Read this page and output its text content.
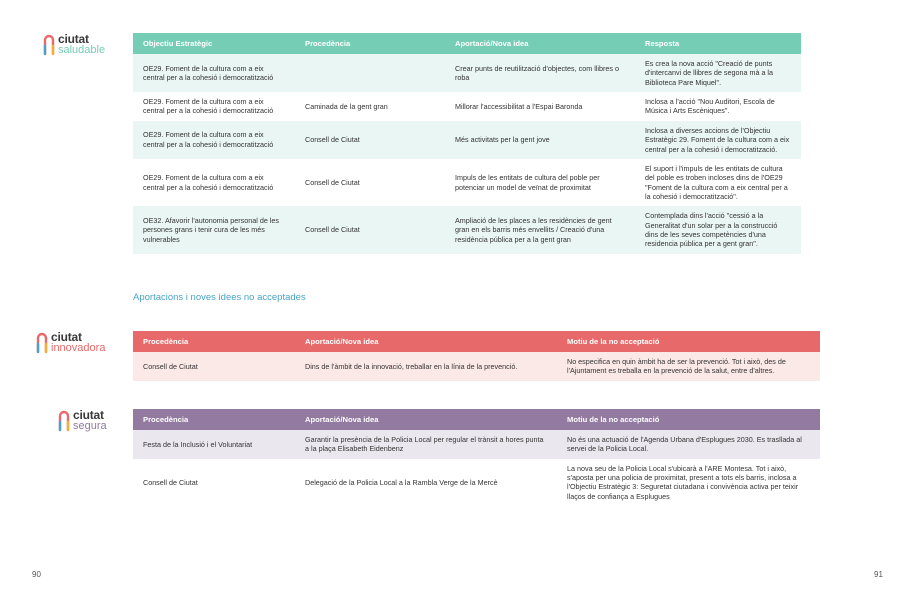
ciutat
saludable
Objectiu Estratègic	Procedència	Aportació/Nova idea	Resposta
OE29. Foment de la cultura com a eix central per a la cohesió i democratització		Crear punts de reutilització d'objectes, com llibres o roba	Es crea la nova acció "Creació de punts d'intercanvi de llibres de segona mà a la Biblioteca Pare Miquel".
OE29. Foment de la cultura com a eix central per a la cohesió i democratització	Caminada de la gent gran	Millorar l'accessibilitat a l'Espai Baronda	Inclosa a l'acció "Nou Auditori, Escola de Música i Arts Escèniques".
OE29. Foment de la cultura com a eix central per a la cohesió i democratització	Consell de Ciutat	Més activitats per la gent jove	Inclosa a diverses accions de l'Objectiu Estratègic 29. Foment de la cultura com a eix central per a la cohesió i democratització.
OE29. Foment de la cultura com a eix central per a la cohesió i democratització	Consell de Ciutat	Impuls de les entitats de cultura del poble per potenciar un model de veïnat de proximitat	El suport i l'impuls de les entitats de cultura del poble es troben incloses dins de l'OE29 "Foment de la cultura com a eix central per a la cohesió i democratització".
OE32. Afavorir l'autonomia personal de les persones grans i tenir cura de les més vulnerables	Consell de Ciutat	Ampliació de les places a les residències de gent gran en els barris més envellits / Creació d'una residència pública per a la gent gran	Contemplada dins l'acció "cessió a la Generalitat d'un solar per a la construcció dins de les seves competències d'una residencia pública per a gent gran".
Aportacions i noves idees no acceptades
ciutat
innovadora
Procedència	Aportació/Nova idea	Motiu de la no acceptació
Consell de Ciutat	Dins de l'àmbit de la innovació, treballar en la línia de la prevenció.	No especifica en quin àmbit ha de ser la prevenció. Tot i això, des de l'Ajuntament es treballa en la prevenció de la salut, entre d'altres.
ciutat
segura
Procedència	Aportació/Nova idea	Motiu de la no acceptació
Festa de la Inclusió i el Voluntariat	Garantir la presència de la Policia Local per regular el trànsit a hores punta a la plaça Elisabeth Eidenbenz	No és una actuació de l'Agenda Urbana d'Esplugues 2030. Es trasllada al servei de la Policia Local.
Consell de Ciutat	Delegació de la Policia Local a la Rambla Verge de la Mercè	La nova seu de la Policia Local s'ubicarà a l'ARE Montesa. Tot i això, s'aposta per una policia de proximitat, present a tots els barris, inclosa a l'Objectiu Estratègic 3: Seguretat ciutadana i convivència activa per teixir llaços de confiança a Esplugues
90	91
